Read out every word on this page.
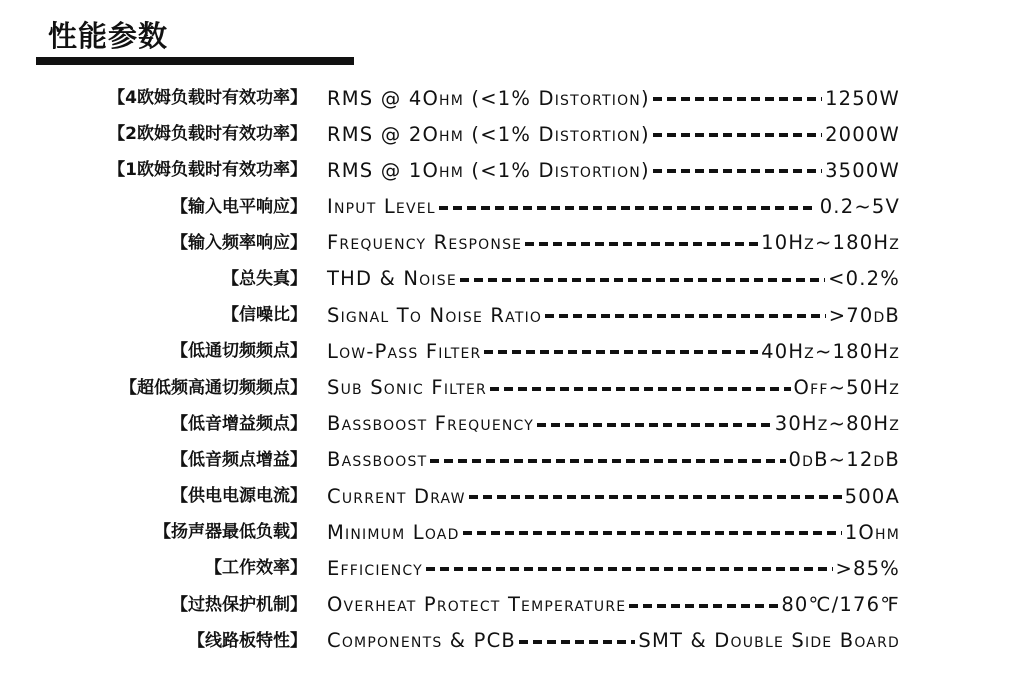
性能参数
【4欧姆负载时有效功率】 RMS @ 4Ohm (<1% Distortion)	1250W
【2欧姆负载时有效功率】 RMS @ 2Ohm (<1% Distortion)	2000W
【1欧姆负载时有效功率】 RMS @ 1Ohm (<1% Distortion)	3500W
【输入电平响应】 Input Level	0.2~5V
【输入频率响应】 Frequency Response	10Hz~180Hz
【总失真】 THD & Noise	<0.2%
【信噪比】 Signal To Noise Ratio	>70dB
【低通切频频点】 Low-Pass Filter	40Hz~180Hz
【超低频高通切频频点】 Sub Sonic Filter	Off~50Hz
【低音增益频点】 Bassboost Frequency	30Hz~80Hz
【低音频点增益】 Bassboost	0dB~12dB
【供电电源电流】 Current Draw	500A
【扬声器最低负载】 Minimum Load	1Ohm
【工作效率】 Efficiency	>85%
【过热保护机制】 Overheat Protect Temperature	80℃/176℉
【线路板特性】 Components & PCB	SMT & Double Side Board
